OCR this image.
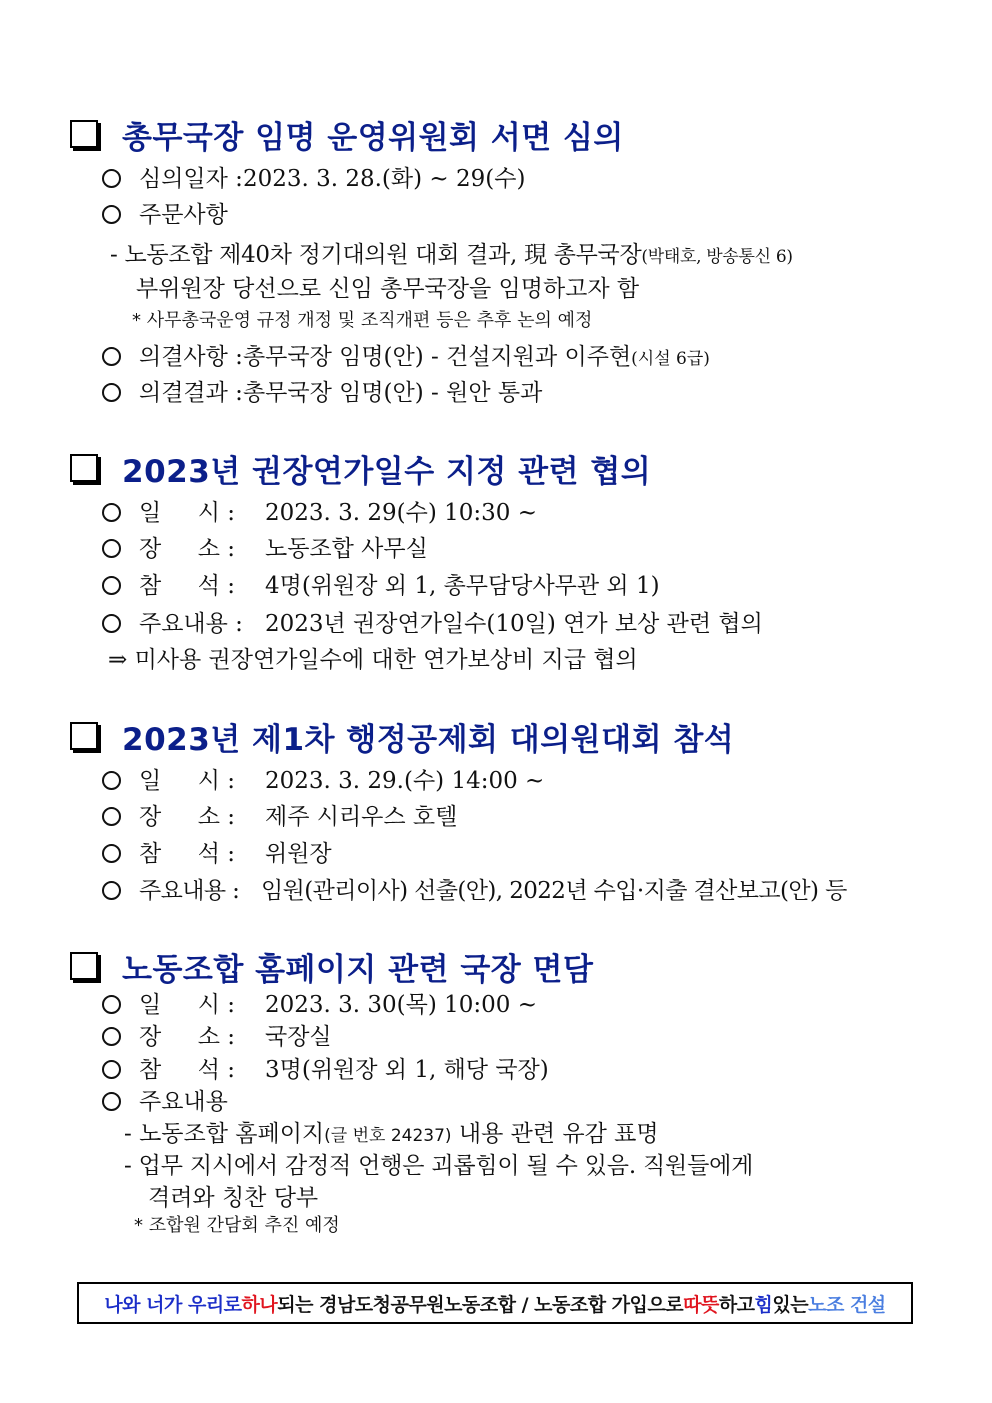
총무국장 임명 운영위원회 서면 심의
심의일자 :2023. 3. 28.(화) ~ 29(수)
주문사항
- 노동조합 제40차 정기대의원 대회 결과, 現 총무국장(박태호, 방송통신 6)
부위원장 당선으로 신임 총무국장을 임명하고자 함
* 사무총국운영 규정 개정 및 조직개편 등은 추후 논의 예정
의결사항 :총무국장 임명(안) - 건설지원과 이주현(시설 6급)
의결결과 :총무국장 임명(안) - 원안 통과
2023년 권장연가일수 지정 관련 협의
일     시 : 2023. 3. 29(수) 10:30 ~
장     소 : 노동조합 사무실
참     석 : 4명(위원장 외 1, 총무담당사무관 외 1)
주요내용 : 2023년 권장연가일수(10일) 연가 보상 관련 협의
⇒ 미사용 권장연가일수에 대한 연가보상비 지급 협의
2023년 제1차 행정공제회 대의원대회 참석
일     시 : 2023. 3. 29.(수) 14:00 ~
장     소 : 제주 시리우스 호텔
참     석 : 위원장
주요내용 : 임원(관리이사) 선출(안), 2022년 수입·지출 결산보고(안) 등
노동조합 홈페이지 관련 국장 면담
일     시 : 2023. 3. 30(목) 10:00 ~
장     소 : 국장실
참     석 : 3명(위원장 외 1, 해당 국장)
주요내용
- 노동조합 홈페이지(글 번호 24237) 내용 관련 유감 표명
- 업무 지시에서 감정적 언행은 괴롭힘이 될 수 있음. 직원들에게
격려와 칭찬 당부
* 조합원 간담회 추진 예정
나와 너가 우리로 하나 되는 경남도청공무원노동조합 / 노동조합 가입으로 따뜻 하고 힘 있는 노조 건설
